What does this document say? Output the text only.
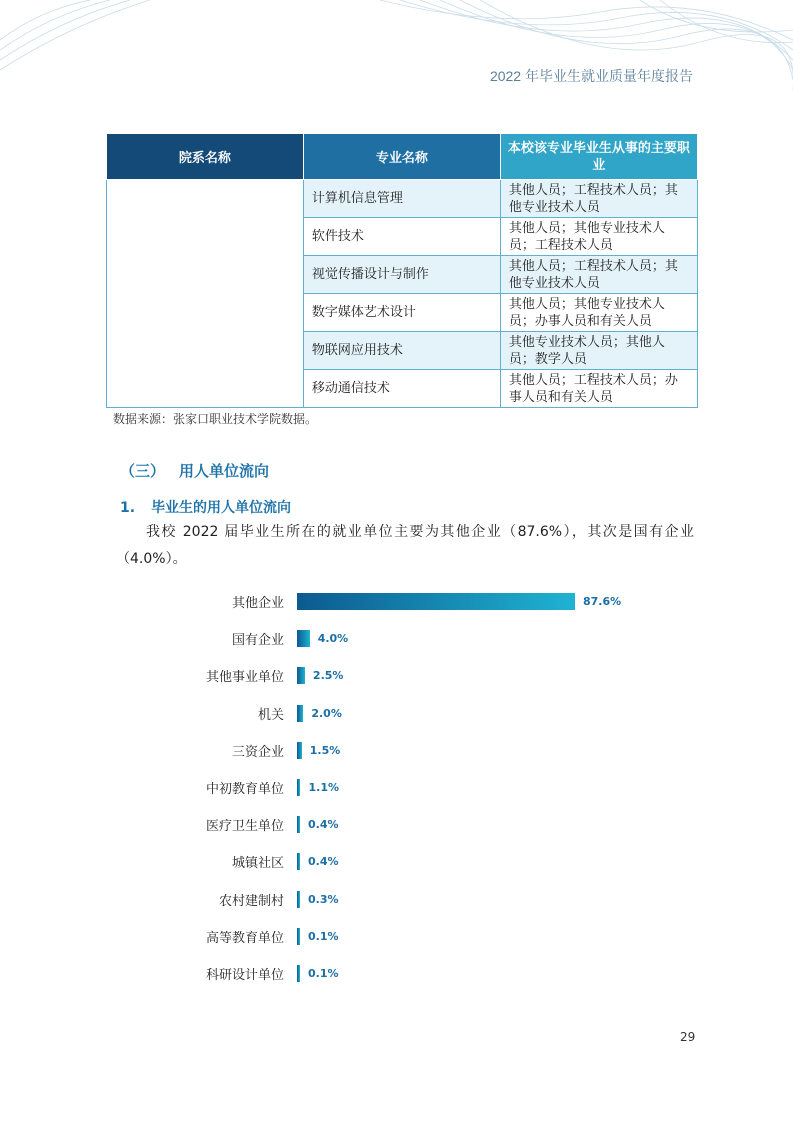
2022 年毕业生就业质量年度报告
院系名称	专业名称	本校该专业毕业生从事的主要职业
	计算机信息管理	其他人员；工程技术人员；其他专业技术人员
	软件技术	其他人员；其他专业技术人员；工程技术人员
	视觉传播设计与制作	其他人员；工程技术人员；其他专业技术人员
	数字媒体艺术设计	其他人员；其他专业技术人员；办事人员和有关人员
	物联网应用技术	其他专业技术人员；其他人员；教学人员
	移动通信技术	其他人员；工程技术人员；办事人员和有关人员
数据来源：张家口职业技术学院数据。
（三） 用人单位流向
1. 毕业生的用人单位流向
我校 2022 届毕业生所在的就业单位主要为其他企业（87.6%），其次是国有企业（4.0%）。
其他企业	87.6%
国有企业	4.0%
其他事业单位	2.5%
机关 2.0%
三资企业 1.5%
中初教育单位 1.1%
医疗卫生单位 0.4%
城镇社区 0.4%
农村建制村 0.3%
高等教育单位 0.1%
科研设计单位 0.1%
29
